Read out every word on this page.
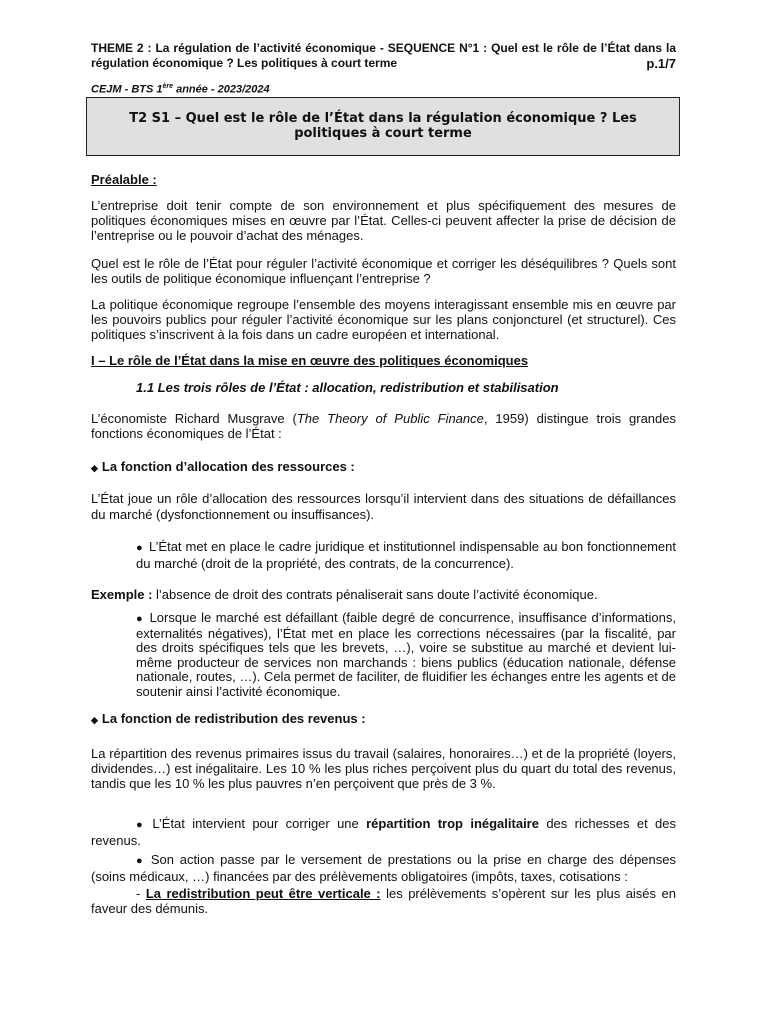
THEME 2 : La régulation de l’activité économique - SEQUENCE N°1 : Quel est le rôle de l’État dans la
régulation économique ? Les politiques à court terme	p.1/7
CEJM - BTS 1ère année - 2023/2024
T2 S1 – Quel est le rôle de l’État dans la régulation économique ? Les politiques à court terme
Préalable :
L’entreprise doit tenir compte de son environnement et plus spécifiquement des mesures de politiques économiques mises en œuvre par l’État. Celles-ci peuvent affecter la prise de décision de l’entreprise ou le pouvoir d’achat des ménages.
Quel est le rôle de l’État pour réguler l’activité économique et corriger les déséquilibres ? Quels sont les outils de politique économique influençant l’entreprise ?
La politique économique regroupe l’ensemble des moyens interagissant ensemble mis en œuvre par les pouvoirs publics pour réguler l’activité économique sur les plans conjoncturel (et structurel). Ces politiques s’inscrivent à la fois dans un cadre européen et international.
I – Le rôle de l’État dans la mise en œuvre des politiques économiques
1.1 Les trois rôles de l’État : allocation, redistribution et stabilisation
L’économiste Richard Musgrave (The Theory of Public Finance, 1959) distingue trois grandes fonctions économiques de l’État :
◆ La fonction d’allocation des ressources :
L’État joue un rôle d’allocation des ressources lorsqu’il intervient dans des situations de défaillances du marché (dysfonctionnement ou insuffisances).
● L’État met en place le cadre juridique et institutionnel indispensable au bon fonctionnement du marché (droit de la propriété, des contrats, de la concurrence).
Exemple : l’absence de droit des contrats pénaliserait sans doute l’activité économique.
● Lorsque le marché est défaillant (faible degré de concurrence, insuffisance d’informations, externalités négatives), l’État met en place les corrections nécessaires (par la fiscalité, par des droits spécifiques tels que les brevets, …), voire se substitue au marché et devient lui-même producteur de services non marchands : biens publics (éducation nationale, défense nationale, routes, …). Cela permet de faciliter, de fluidifier les échanges entre les agents et de soutenir ainsi l’activité économique.
◆ La fonction de redistribution des revenus :
La répartition des revenus primaires issus du travail (salaires, honoraires…) et de la propriété (loyers, dividendes…) est inégalitaire. Les 10 % les plus riches perçoivent plus du quart du total des revenus, tandis que les 10 % les plus pauvres n’en perçoivent que près de 3 %.
● L’État intervient pour corriger une répartition trop inégalitaire des richesses et des revenus.
● Son action passe par le versement de prestations ou la prise en charge des dépenses (soins médicaux, …) financées par des prélèvements obligatoires (impôts, taxes, cotisations :
- La redistribution peut être verticale : les prélèvements s’opèrent sur les plus aisés en faveur des démunis.
